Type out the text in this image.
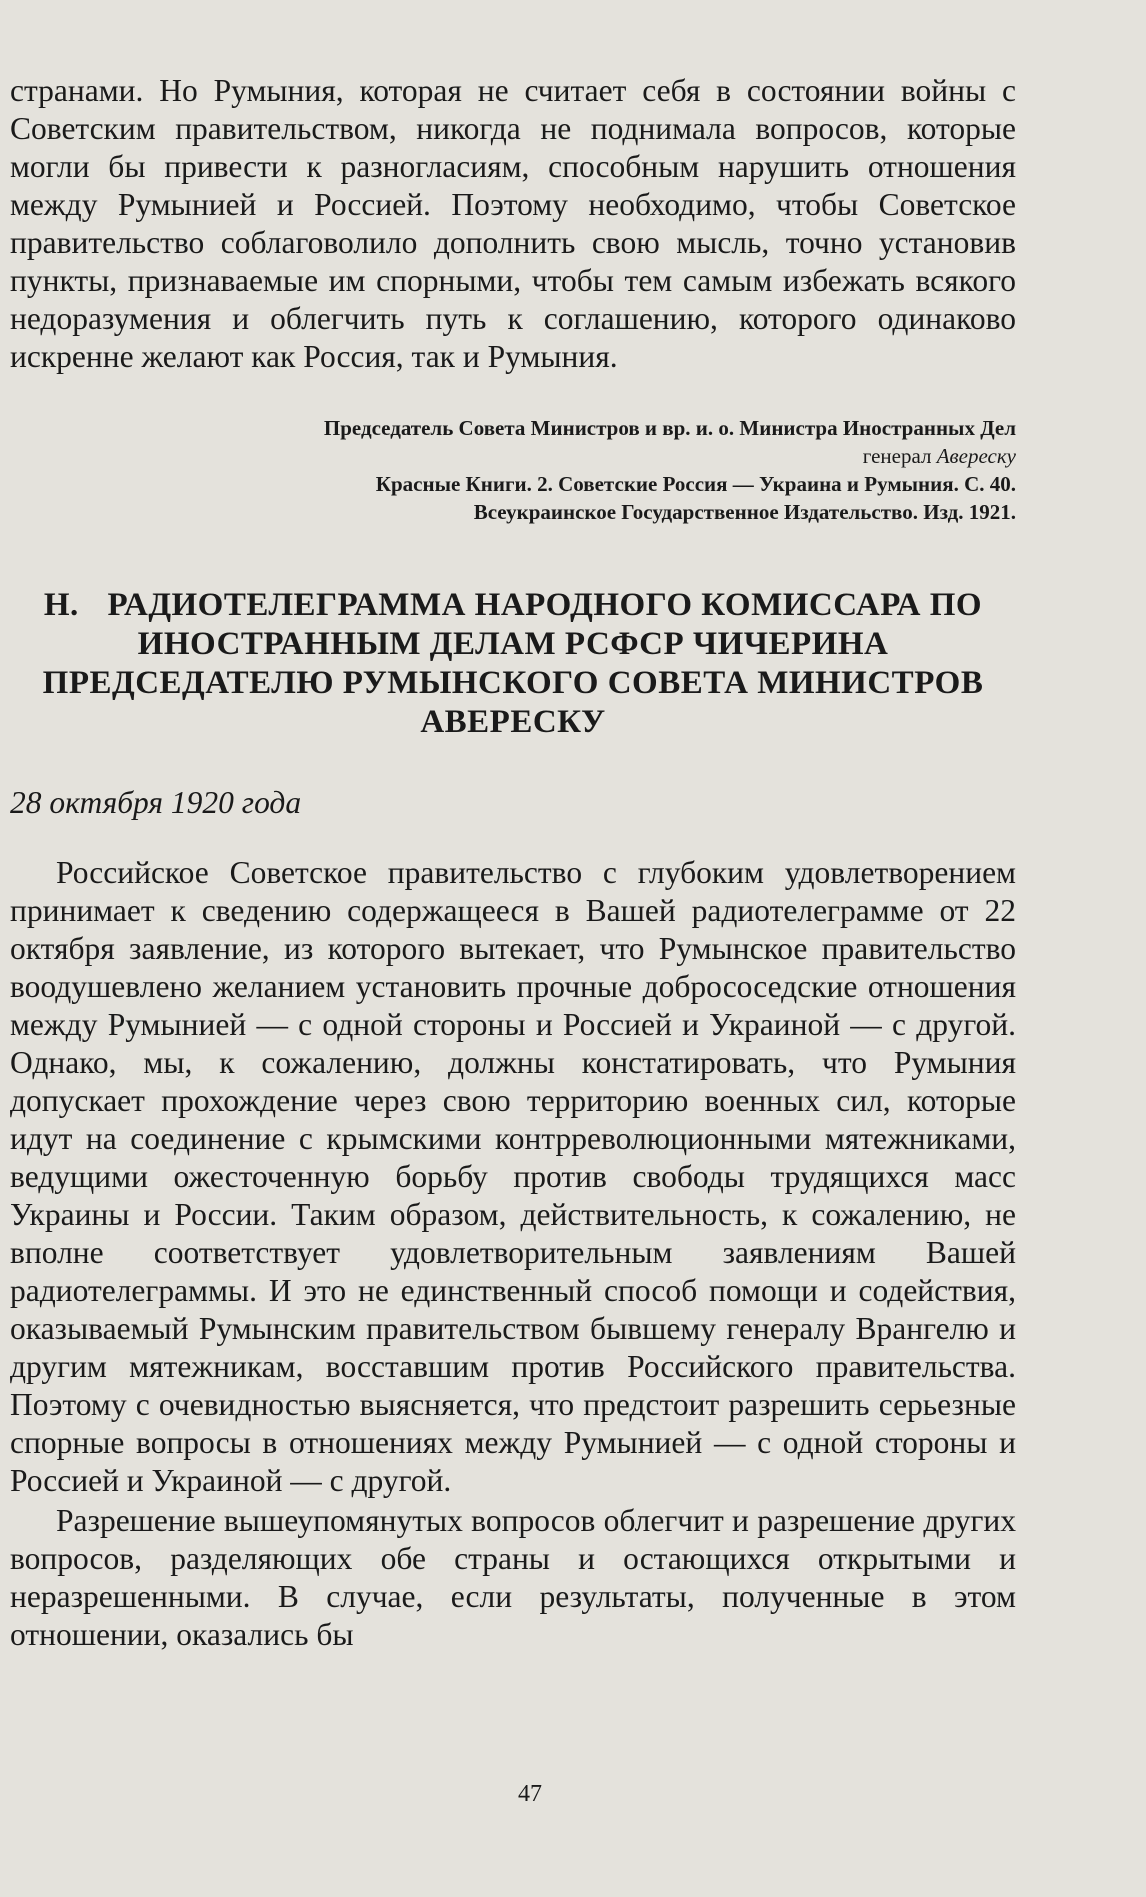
странами. Но Румыния, которая не считает себя в состоянии войны с Советским правительством, никогда не поднимала вопросов, которые могли бы привести к разногласиям, способным нарушить отношения между Румынией и Россией. Поэтому необходимо, чтобы Советское правительство соблаговолило дополнить свою мысль, точно установив пункты, признаваемые им спорными, чтобы тем самым избежать всякого недоразумения и облегчить путь к соглашению, которого одинаково искренне желают как Россия, так и Румыния.

Председатель Совета Министров и вр. и. о. Министра Иностранных Дел

генерал Авереску

Красные Книги. 2. Советские Россия — Украина и Румыния. С. 40.

Всеукраинское Государственное Издательство. Изд. 1921.

Н. РАДИОТЕЛЕГРАММА НАРОДНОГО КОМИССАРА ПО ИНОСТРАННЫМ ДЕЛАМ РСФСР ЧИЧЕРИНА ПРЕДСЕДАТЕЛЮ РУМЫНСКОГО СОВЕТА МИНИСТРОВ АВЕРЕСКУ

28 октября 1920 года

Российское Советское правительство с глубоким удовлетворением принимает к сведению содержащееся в Вашей радиотелеграмме от 22 октября заявление, из которого вытекает, что Румынское правительство воодушевлено желанием установить прочные добрососедские отношения между Румынией — с одной стороны и Россией и Украиной — с другой. Однако, мы, к сожалению, должны констатировать, что Румыния допускает прохождение через свою территорию военных сил, которые идут на соединение с крымскими контрреволюционными мятежниками, ведущими ожесточенную борьбу против свободы трудящихся масс Украины и России. Таким образом, действительность, к сожалению, не вполне соответствует удовлетворительным заявлениям Вашей радиотелеграммы. И это не единственный способ помощи и содействия, оказываемый Румынским правительством бывшему генералу Врангелю и другим мятежникам, восставшим против Российского правительства. Поэтому с очевидностью выясняется, что предстоит разрешить серьезные спорные вопросы в отношениях между Румынией — с одной стороны и Россией и Украиной — с другой.

Разрешение вышеупомянутых вопросов облегчит и разрешение других вопросов, разделяющих обе страны и остающихся открытыми и неразрешенными. В случае, если результаты, полученные в этом отношении, оказались бы

47
